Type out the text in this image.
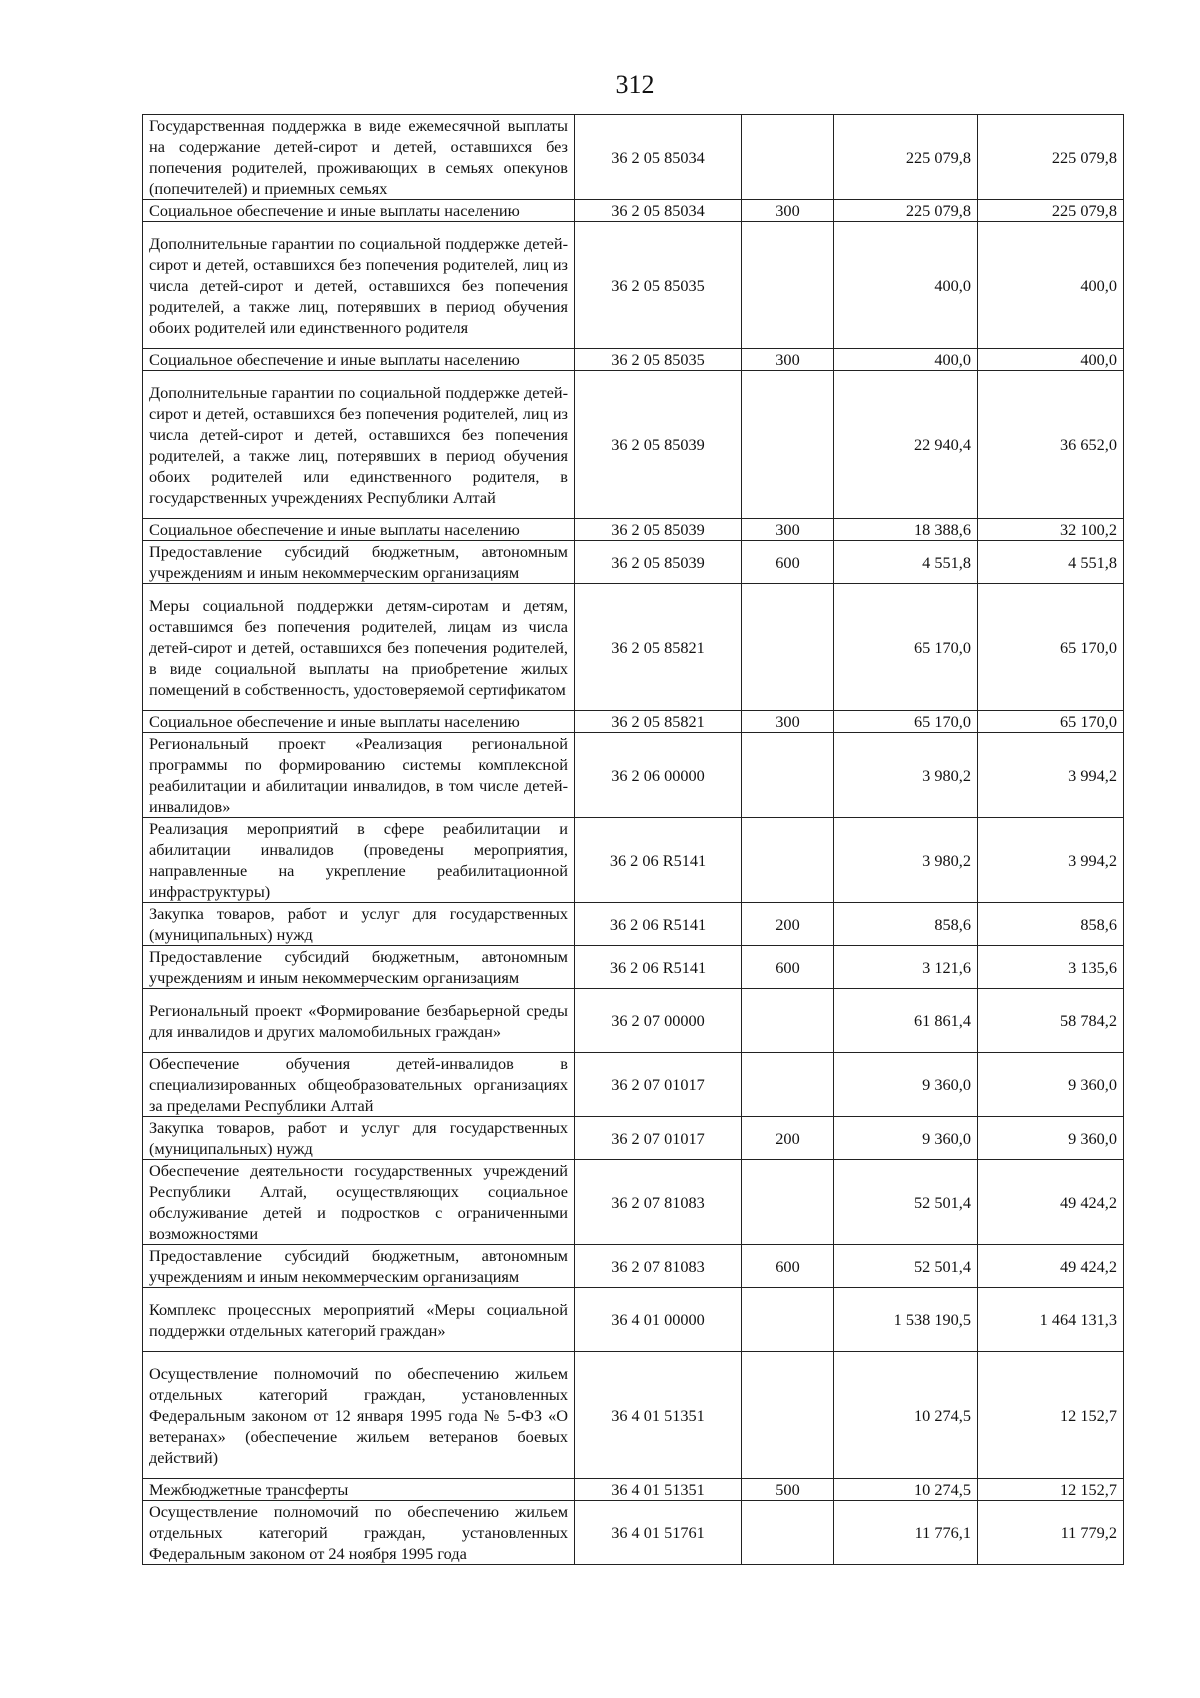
312
Государственная поддержка в виде ежемесячной выплаты на содержание детей-сирот и детей, оставшихся без попечения родителей, проживающих в семьях опекунов (попечителей) и приемных семьях	36 2 05 85034		225 079,8	225 079,8
Социальное обеспечение и иные выплаты населению	36 2 05 85034	300	225 079,8	225 079,8
Дополнительные гарантии по социальной поддержке детей-сирот и детей, оставшихся без попечения родителей, лиц из числа детей-сирот и детей, оставшихся без попечения родителей, а также лиц, потерявших в период обучения обоих родителей или единственного родителя	36 2 05 85035		400,0	400,0
Социальное обеспечение и иные выплаты населению	36 2 05 85035	300	400,0	400,0
Дополнительные гарантии по социальной поддержке детей-сирот и детей, оставшихся без попечения родителей, лиц из числа детей-сирот и детей, оставшихся без попечения родителей, а также лиц, потерявших в период обучения обоих родителей или единственного родителя, в государственных учреждениях Республики Алтай	36 2 05 85039		22 940,4	36 652,0
Социальное обеспечение и иные выплаты населению	36 2 05 85039	300	18 388,6	32 100,2
Предоставление субсидий бюджетным, автономным учреждениям и иным некоммерческим организациям	36 2 05 85039	600	4 551,8	4 551,8
Меры социальной поддержки детям-сиротам и детям, оставшимся без попечения родителей, лицам из числа детей-сирот и детей, оставшихся без попечения родителей, в виде социальной выплаты на приобретение жилых помещений в собственность, удостоверяемой сертификатом	36 2 05 85821		65 170,0	65 170,0
Социальное обеспечение и иные выплаты населению	36 2 05 85821	300	65 170,0	65 170,0
Региональный проект «Реализация региональной программы по формированию системы комплексной реабилитации и абилитации инвалидов, в том числе детей-инвалидов»	36 2 06 00000		3 980,2	3 994,2
Реализация мероприятий в сфере реабилитации и абилитации инвалидов (проведены мероприятия, направленные на укрепление реабилитационной инфраструктуры)	36 2 06 R5141		3 980,2	3 994,2
Закупка товаров, работ и услуг для государственных (муниципальных) нужд	36 2 06 R5141	200	858,6	858,6
Предоставление субсидий бюджетным, автономным учреждениям и иным некоммерческим организациям	36 2 06 R5141	600	3 121,6	3 135,6
Региональный проект «Формирование безбарьерной среды для инвалидов и других маломобильных граждан»	36 2 07 00000		61 861,4	58 784,2
Обеспечение обучения детей-инвалидов в специализированных общеобразовательных организациях за пределами Республики Алтай	36 2 07 01017		9 360,0	9 360,0
Закупка товаров, работ и услуг для государственных (муниципальных) нужд	36 2 07 01017	200	9 360,0	9 360,0
Обеспечение деятельности государственных учреждений Республики Алтай, осуществляющих социальное обслуживание детей и подростков с ограниченными возможностями	36 2 07 81083		52 501,4	49 424,2
Предоставление субсидий бюджетным, автономным учреждениям и иным некоммерческим организациям	36 2 07 81083	600	52 501,4	49 424,2
Комплекс процессных мероприятий «Меры социальной поддержки отдельных категорий граждан»	36 4 01 00000		1 538 190,5	1 464 131,3
Осуществление полномочий по обеспечению жильем отдельных категорий граждан, установленных Федеральным законом от 12 января 1995 года № 5-ФЗ «О ветеранах» (обеспечение жильем ветеранов боевых действий)	36 4 01 51351		10 274,5	12 152,7
Межбюджетные трансферты	36 4 01 51351	500	10 274,5	12 152,7
Осуществление полномочий по обеспечению жильем отдельных категорий граждан, установленных Федеральным законом от 24 ноября 1995 года	36 4 01 51761		11 776,1	11 779,2
